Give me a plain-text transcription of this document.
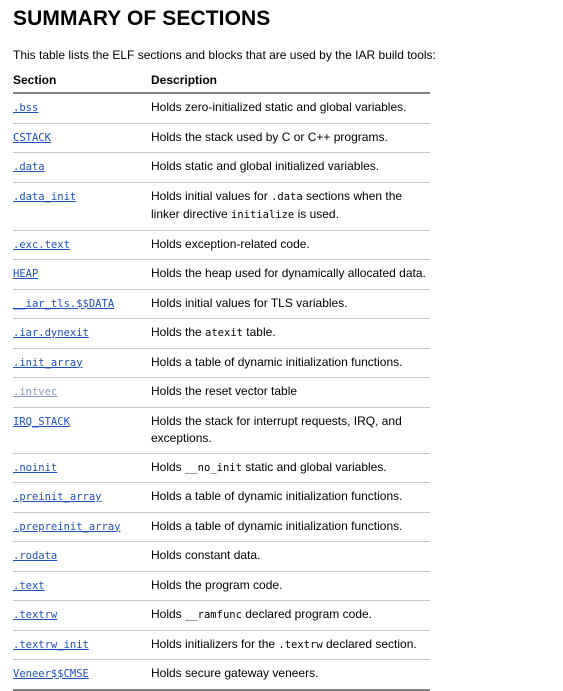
SUMMARY OF SECTIONS

This table lists the ELF sections and blocks that are used by the IAR build tools:

Section	Description
.bss	Holds zero-initialized static and global variables.
CSTACK	Holds the stack used by C or C++ programs.
.data	Holds static and global initialized variables.
.data_init	Holds initial values for .data sections when the linker directive initialize is used.
.exc.text	Holds exception-related code.
HEAP	Holds the heap used for dynamically allocated data.
__iar_tls.$$DATA	Holds initial values for TLS variables.
.iar.dynexit	Holds the atexit table.
.init_array	Holds a table of dynamic initialization functions.
.intvec	Holds the reset vector table
IRQ_STACK	Holds the stack for interrupt requests, IRQ, and exceptions.
.noinit	Holds __no_init static and global variables.
.preinit_array	Holds a table of dynamic initialization functions.
.prepreinit_array	Holds a table of dynamic initialization functions.
.rodata	Holds constant data.
.text	Holds the program code.
.textrw	Holds __ramfunc declared program code.
.textrw_init	Holds initializers for the .textrw declared section.
Veneer$$CMSE	Holds secure gateway veneers.
